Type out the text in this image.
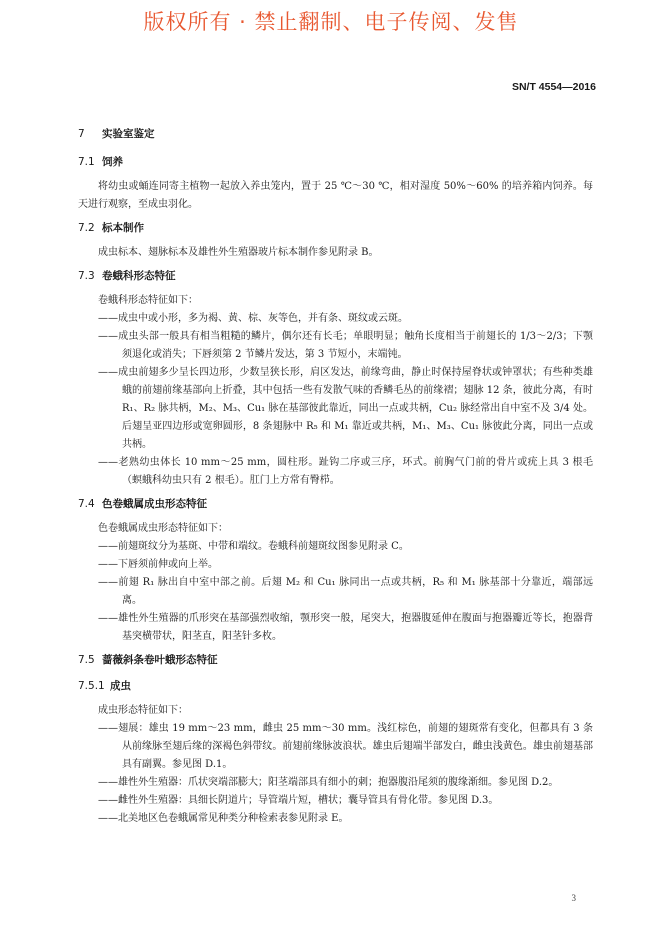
版权所有 · 禁止翻制、电子传阅、发售
SN/T 4554—2016
7 实验室鉴定
7.1 饲养

将幼虫或蛹连同寄主植物一起放入养虫笼内，置于 25 ℃～30 ℃，相对湿度 50%～60% 的培养箱内饲养。每天进行观察，至成虫羽化。

7.2 标本制作

成虫标本、翅脉标本及雄性外生殖器玻片标本制作参见附录 B。

7.3 卷蛾科形态特征

卷蛾科形态特征如下：

——成虫中或小形，多为褐、黄、棕、灰等色，并有条、斑纹或云斑。

——成虫头部一般具有相当粗糙的鳞片，偶尔还有长毛；单眼明显；触角长度相当于前翅长的 1/3～2/3；下颚须退化或消失；下唇须第 2 节鳞片发达，第 3 节短小，末端钝。

——成虫前翅多少呈长四边形，少数呈狭长形，肩区发达，前缘弯曲，静止时保持屋脊状或钟罩状；有些种类雄蛾的前翅前缘基部向上折叠，其中包括一些有发散气味的香鳞毛丛的前缘褶；翅脉 12 条，彼此分离，有时 R₁、R₂ 脉共柄，M₂、M₃、Cu₁ 脉在基部彼此靠近，同出一点或共柄，Cu₂ 脉经常出自中室不及 3/4 处。后翅呈亚四边形或宽卵圆形，8 条翅脉中 R₅ 和 M₁ 靠近或共柄，M₁、M₃、Cu₁ 脉彼此分离，同出一点或共柄。

——老熟幼虫体长 10 mm～25 mm，圆柱形。趾钩二序或三序，环式。前胸气门前的骨片或疣上具 3 根毛（螟蛾科幼虫只有 2 根毛）。肛门上方常有臀栉。

7.4 色卷蛾属成虫形态特征

色卷蛾属成虫形态特征如下：

——前翅斑纹分为基斑、中带和端纹。卷蛾科前翅斑纹图参见附录 C。

——下唇须前伸或向上举。

——前翅 R₁ 脉出自中室中部之前。后翅 M₂ 和 Cu₁ 脉同出一点或共柄，R₅ 和 M₁ 脉基部十分靠近，端部远离。

——雄性外生殖器的爪形突在基部强烈收缩，颚形突一般，尾突大，抱器腹延伸在腹面与抱器瓣近等长，抱器背基突横带状，阳茎直，阳茎针多枚。

7.5 蔷薇斜条卷叶蛾形态特征
7.5.1 成虫

成虫形态特征如下：

——翅展：雄虫 19 mm～23 mm，雌虫 25 mm～30 mm。浅红棕色，前翅的翅斑常有变化，但都具有 3 条从前缘脉至翅后缘的深褐色斜带纹。前翅前缘脉波浪状。雄虫后翅端半部发白，雌虫浅黄色。雄虫前翅基部具有副翼。参见图 D.1。

——雄性外生殖器：爪状突端部膨大；阳茎端部具有细小的刺；抱器腹沿尾须的腹缘渐细。参见图 D.2。

——雌性外生殖器：具细长阴道片；导管端片短，槽状；囊导管具有骨化带。参见图 D.3。

——北美地区色卷蛾属常见种类分种检索表参见附录 E。

3
